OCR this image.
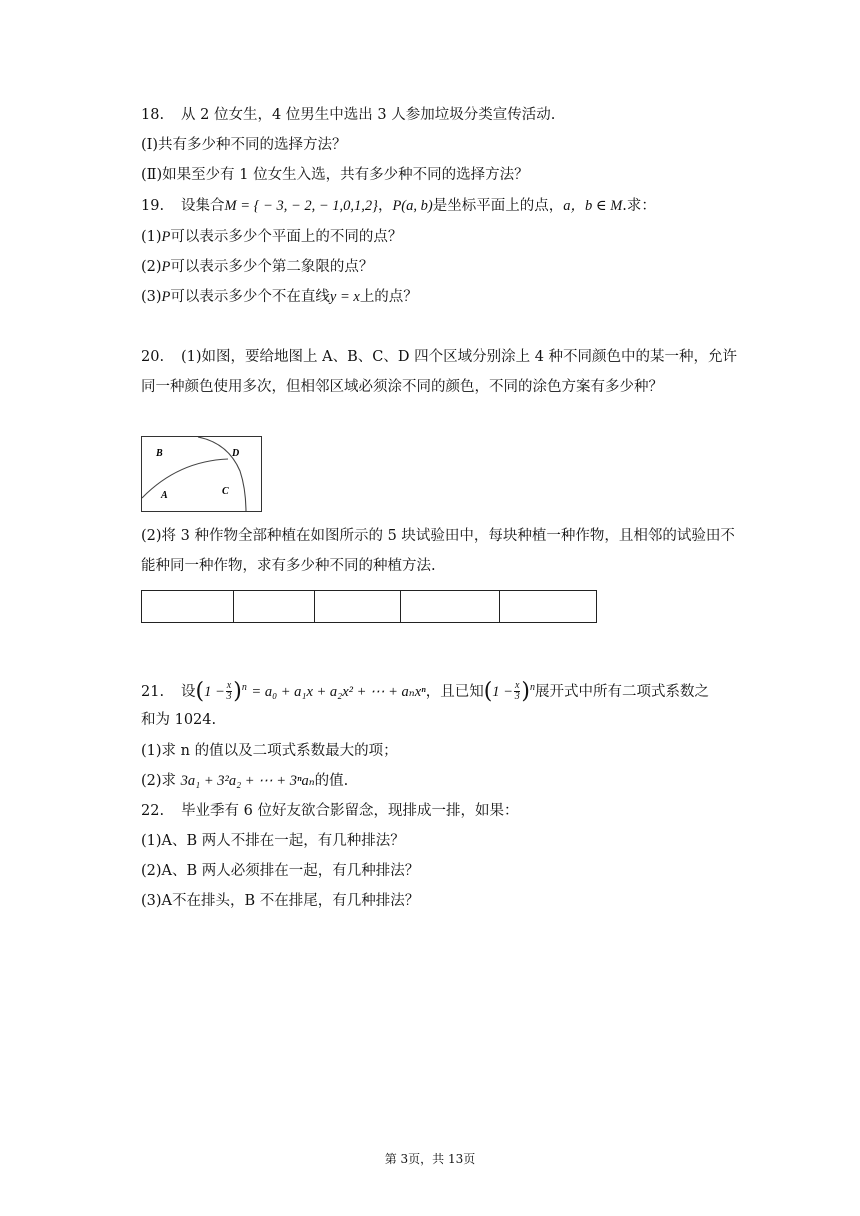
18. 从 2 位女生，4 位男生中选出 3 人参加垃圾分类宣传活动.
(Ⅰ)共有多少种不同的选择方法？
(Ⅱ)如果至少有 1 位女生入选，共有多少种不同的选择方法？
19. 设集合M = { − 3, − 2, − 1,0,1,2}，P(a, b)是坐标平面上的点，a，b ∈ M.求：
(1)P可以表示多少个平面上的不同的点？
(2)P可以表示多少个第二象限的点？
(3)P可以表示多少个不在直线y = x上的点？
20. (1)如图，要给地图上 A、B、C、D 四个区域分别涂上 4 种不同颜色中的某一种，允许
同一种颜色使用多次，但相邻区域必须涂不同的颜色，不同的涂色方案有多少种？
B	D
A	C
(2)将 3 种作物全部种植在如图所示的 5 块试验田中，每块种植一种作物，且相邻的试验田不
能种同一种作物，求有多少种不同的种植方法.
21. 设$(1 - \frac{x}{3} )^n = a_0 + a_1x + a_2x^2$ + ⋯ + aₙxⁿ，且已知$(1 - \frac{x}{3} )^n$展开式中所有二项式系数之
和为 1024.
(1)求 n 的值以及二项式系数最大的项；
(2)求 3a₁ + 3²a₂ + ⋯ + 3ⁿaₙ的值.
22. 毕业季有 6 位好友欲合影留念，现排成一排，如果：
(1)A、B 两人不排在一起，有几种排法？
(2)A、B 两人必须排在一起，有几种排法？
(3)A不在排头，B 不在排尾，有几种排法？
第 3页，共 13页
